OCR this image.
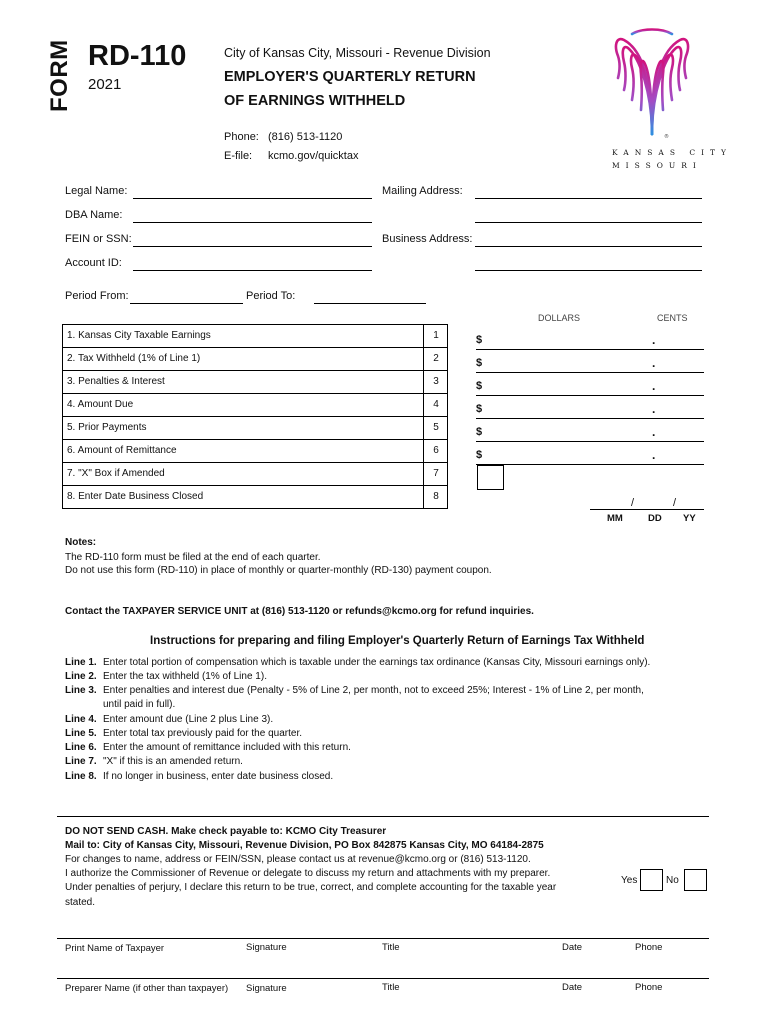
FORM RD-110
2021
City of Kansas City, Missouri - Revenue Division
EMPLOYER'S QUARTERLY RETURN
OF EARNINGS WITHHELD
Phone: (816) 513-1120
E-file: kcmo.gov/quicktax
®
KANSAS CITY
MISSOURI
Legal Name:	Mailing Address:
DBA Name:
FEIN or SSN:	Business Address:
Account ID:
Period From:	Period To:
DOLLARS	CENTS
1. Kansas City Taxable Earnings	1
2. Tax Withheld (1% of Line 1)	2
3. Penalties & Interest	3
4. Amount Due	4
5. Prior Payments	5
6. Amount of Remittance	6
7. "X" Box if Amended	7
8. Enter Date Business Closed	8
$	.
$	.
$	.
$	.
$	.
$	.
/	/
MM	DD YY
Notes:
The RD-110 form must be filed at the end of each quarter.
Do not use this form (RD-110) in place of monthly or quarter-monthly (RD-130) payment coupon.
Contact the TAXPAYER SERVICE UNIT at (816) 513-1120 or refunds@kcmo.org for refund inquiries.
Instructions for preparing and filing Employer's Quarterly Return of Earnings Tax Withheld
Line 1. Enter total portion of compensation which is taxable under the earnings tax ordinance (Kansas City, Missouri earnings only).
Line 2. Enter the tax withheld (1% of Line 1).
Line 3. Enter penalties and interest due (Penalty - 5% of Line 2, per month, not to exceed 25%; Interest - 1% of Line 2, per month,
until paid in full).
Line 4. Enter amount due (Line 2 plus Line 3).
Line 5. Enter total tax previously paid for the quarter.
Line 6. Enter the amount of remittance included with this return.
Line 7. "X" if this is an amended return.
Line 8. If no longer in business, enter date business closed.
DO NOT SEND CASH. Make check payable to: KCMO City Treasurer
Mail to: City of Kansas City, Missouri, Revenue Division, PO Box 842875 Kansas City, MO 64184-2875
For changes to name, address or FEIN/SSN, please contact us at revenue@kcmo.org or (816) 513-1120.
I authorize the Commissioner of Revenue or delegate to discuss my return and attachments with my preparer.
Under penalties of perjury, I declare this return to be true, correct, and complete accounting for the taxable year
stated.
Yes	No
Print Name of Taxpayer	Signature	Title	Date	Phone
Preparer Name (if other than taxpayer) Signature	Title	Date	Phone
